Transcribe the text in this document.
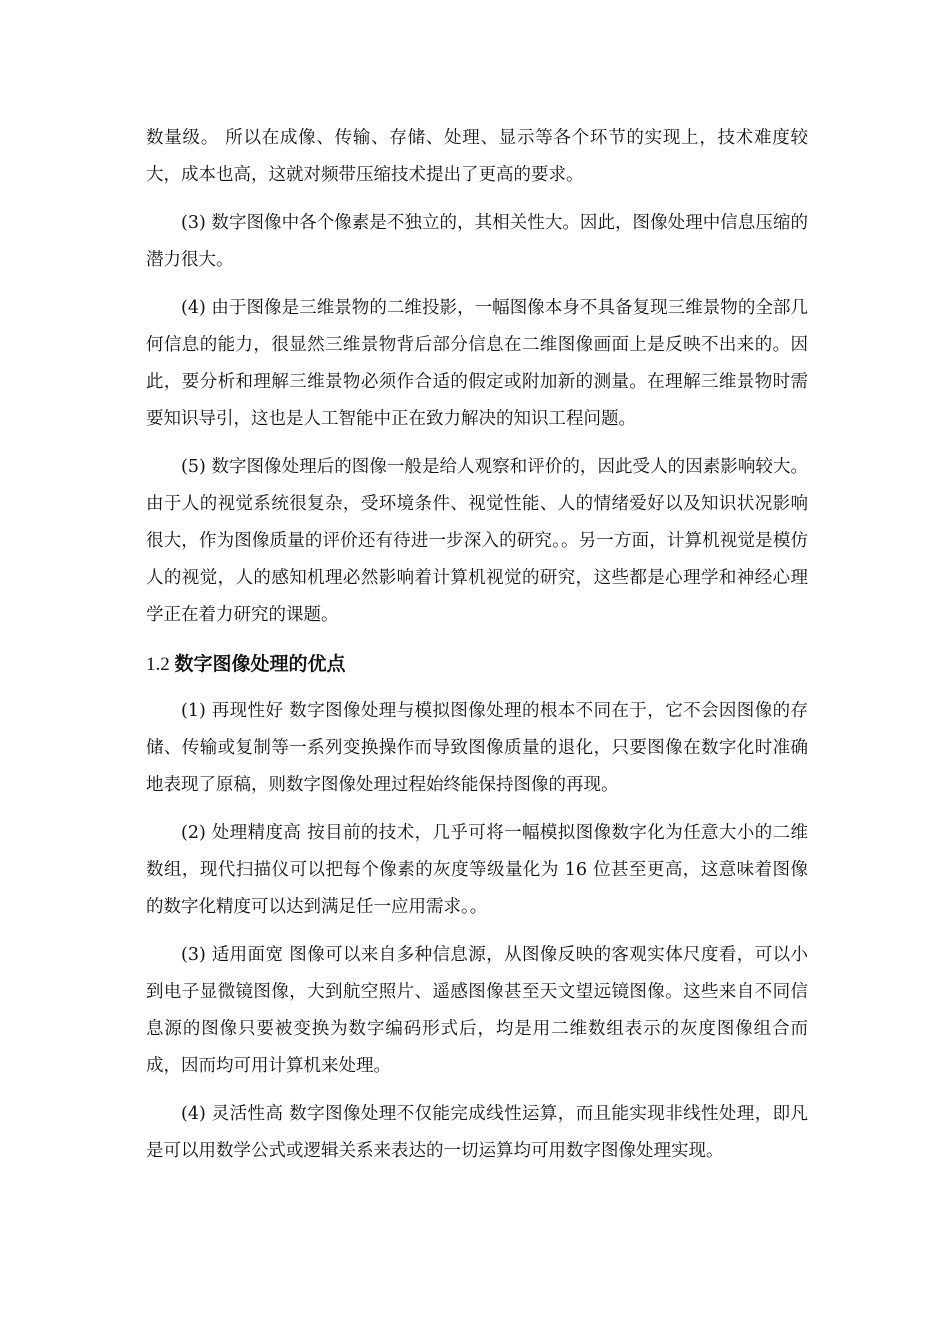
数量级。 所以在成像、传输、存储、处理、显示等各个环节的实现上，技术难度较大，成本也高，这就对频带压缩技术提出了更高的要求。

(3) 数字图像中各个像素是不独立的，其相关性大。因此，图像处理中信息压缩的潜力很大。

(4) 由于图像是三维景物的二维投影，一幅图像本身不具备复现三维景物的全部几何信息的能力，很显然三维景物背后部分信息在二维图像画面上是反映不出来的。因此，要分析和理解三维景物必须作合适的假定或附加新的测量。在理解三维景物时需要知识导引，这也是人工智能中正在致力解决的知识工程问题。

(5) 数字图像处理后的图像一般是给人观察和评价的，因此受人的因素影响较大。由于人的视觉系统很复杂，受环境条件、视觉性能、人的情绪爱好以及知识状况影响很大，作为图像质量的评价还有待进一步深入的研究。。另一方面，计算机视觉是模仿人的视觉，人的感知机理必然影响着计算机视觉的研究，这些都是心理学和神经心理学正在着力研究的课题。

1.2 数字图像处理的优点

(1) 再现性好 数字图像处理与模拟图像处理的根本不同在于，它不会因图像的存储、传输或复制等一系列变换操作而导致图像质量的退化，只要图像在数字化时准确地表现了原稿，则数字图像处理过程始终能保持图像的再现。

(2) 处理精度高 按目前的技术，几乎可将一幅模拟图像数字化为任意大小的二维数组，现代扫描仪可以把每个像素的灰度等级量化为 16 位甚至更高，这意味着图像的数字化精度可以达到满足任一应用需求。。

(3) 适用面宽 图像可以来自多种信息源，从图像反映的客观实体尺度看，可以小到电子显微镜图像，大到航空照片、遥感图像甚至天文望远镜图像。这些来自不同信息源的图像只要被变换为数字编码形式后，均是用二维数组表示的灰度图像组合而成，因而均可用计算机来处理。

(4) 灵活性高 数字图像处理不仅能完成线性运算，而且能实现非线性处理，即凡是可以用数学公式或逻辑关系来表达的一切运算均可用数字图像处理实现。
